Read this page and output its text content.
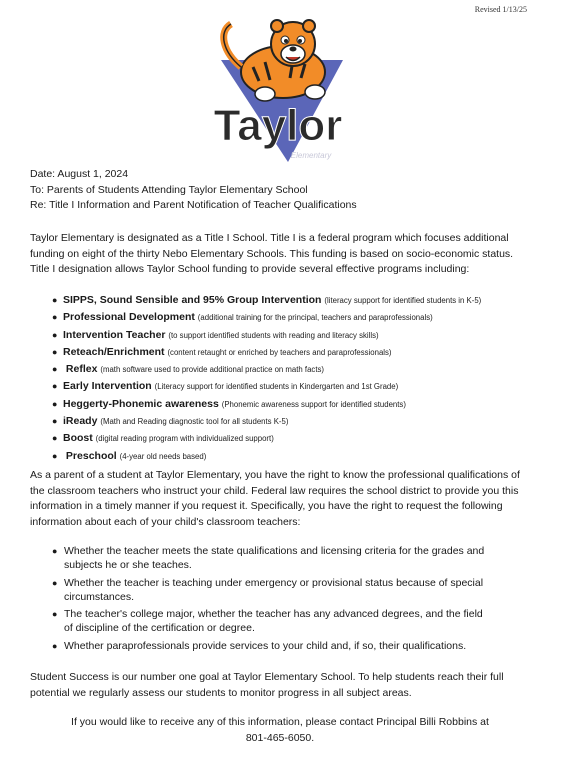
Revised 1/13/25
Taylor
Elementary
Date: August 1, 2024
To: Parents of Students Attending Taylor Elementary School
Re: Title I Information and Parent Notification of Teacher Qualifications
Taylor Elementary is designated as a Title I School. Title I is a federal program which focuses additional funding on eight of the thirty Nebo Elementary Schools. This funding is based on socio-economic status. Title I designation allows Taylor School funding to provide several effective programs including:
● SIPPS, Sound Sensible and 95% Group Intervention (literacy support for identified students in K-5)
● Professional Development (additional training for the principal, teachers and paraprofessionals)
● Intervention Teacher (to support identified students with reading and literacy skills)
● Reteach/Enrichment (content retaught or enriched by teachers and paraprofessionals)
● Reflex (math software used to provide additional practice on math facts)
● Early Intervention (Literacy support for identified students in Kindergarten and 1st Grade)
● Heggerty-Phonemic awareness (Phonemic awareness support for identified students)
● iReady (Math and Reading diagnostic tool for all students K-5)
● Boost (digital reading program with individualized support)
● Preschool (4-year old needs based)
As a parent of a student at Taylor Elementary, you have the right to know the professional qualifications of the classroom teachers who instruct your child. Federal law requires the school district to provide you this information in a timely manner if you request it. Specifically, you have the right to request the following information about each of your child's classroom teachers:
● Whether the teacher meets the state qualifications and licensing criteria for the grades and subjects he or she teaches.
● Whether the teacher is teaching under emergency or provisional status because of special circumstances.
● The teacher's college major, whether the teacher has any advanced degrees, and the field of discipline of the certification or degree.
● Whether paraprofessionals provide services to your child and, if so, their qualifications.
Student Success is our number one goal at Taylor Elementary School. To help students reach their full potential we regularly assess our students to monitor progress in all subject areas.
If you would like to receive any of this information, please contact Principal Billi Robbins at 801-465-6050.
